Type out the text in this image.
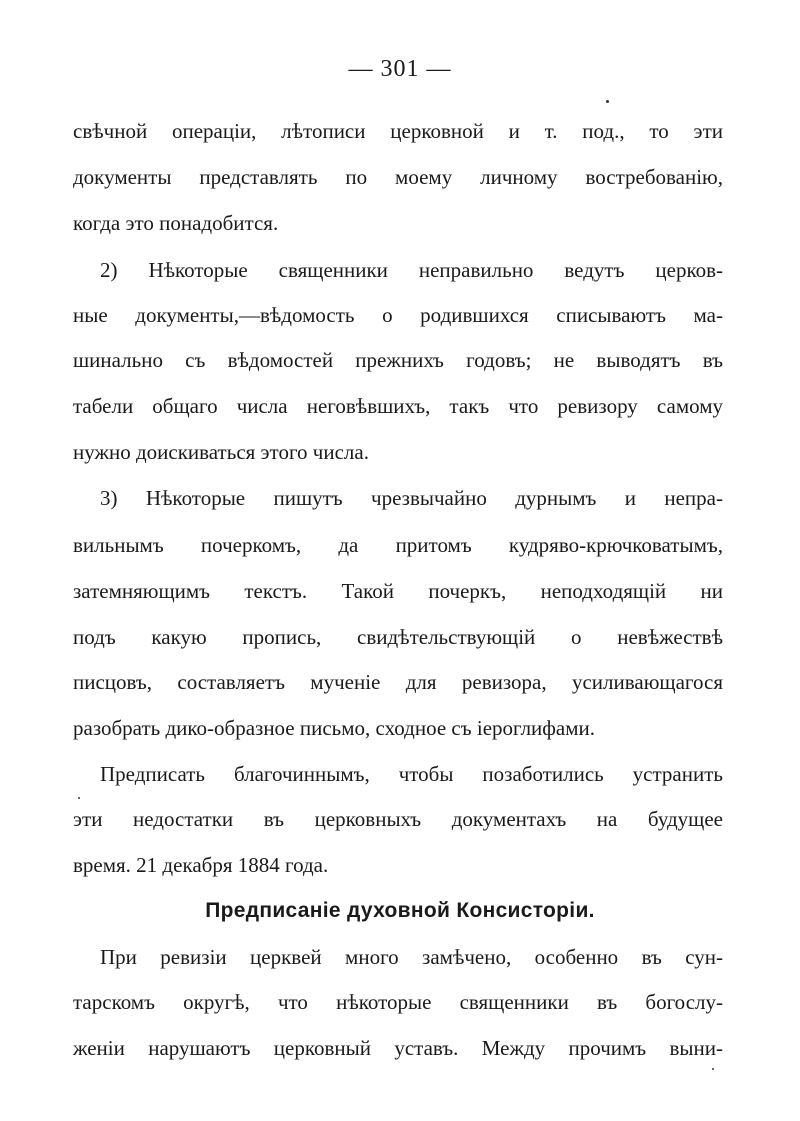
— 301 —
свѣчной операціи, лѣтописи церковной и т. под., то эти
документы представлять по моему личному востребованію,
когда это понадобится.
2) Нѣкоторые священники неправильно ведутъ церков-
ные документы,—вѣдомость о родившихся списываютъ ма-
шинально съ вѣдомостей прежнихъ годовъ; не выводятъ въ
табели общаго числа неговѣвшихъ, такъ что ревизору самому
нужно доискиваться этого числа.
3) Нѣкоторые пишутъ чрезвычайно дурнымъ и непра-
вильнымъ почеркомъ, да притомъ кудряво-крючковатымъ,
затемняющимъ текстъ. Такой почеркъ, неподходящій ни
подъ какую пропись, свидѣтельствующій о невѣжествѣ
писцовъ, составляетъ мученіе для ревизора, усиливающагося
разобрать дико-образное письмо, сходное съ іероглифами.
Предписать благочиннымъ, чтобы позаботились устранить
эти недостатки въ церковныхъ документахъ на будущее
время. 21 декабря 1884 года.
Предписаніе духовной Консисторіи.
При ревизіи церквей много замѣчено, особенно въ сун-
тарскомъ округѣ, что нѣкоторые священники въ богослу-
женіи нарушаютъ церковный уставъ. Между прочимъ выни-
